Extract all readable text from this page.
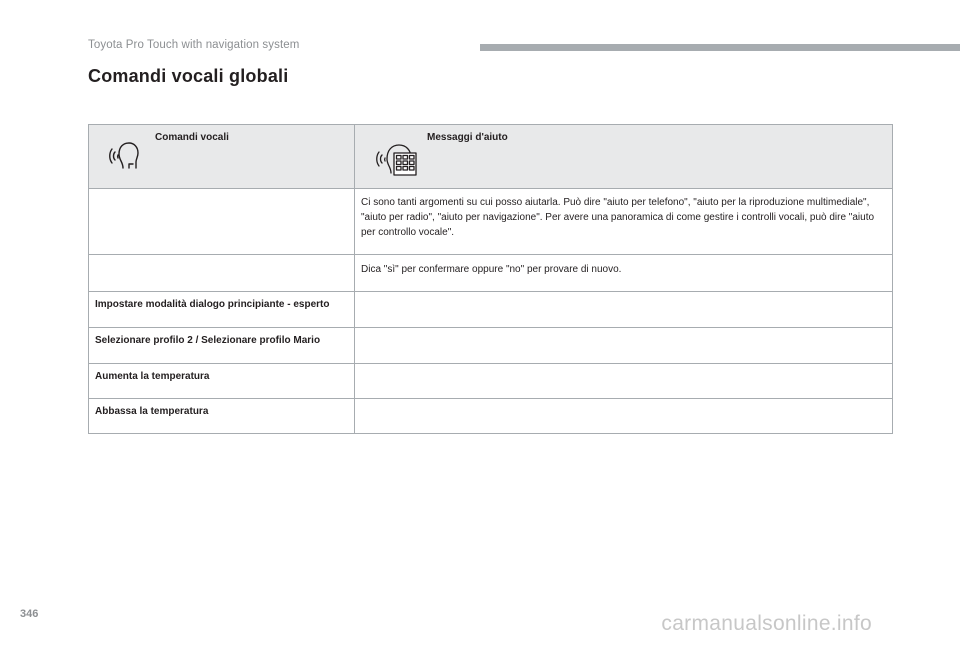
Toyota Pro Touch with navigation system
Comandi vocali globali
Comandi vocali	Messaggi d'aiuto

	Ci sono tanti argomenti su cui posso aiutarla. Può dire "aiuto per telefono", "aiuto per la riproduzione multimediale", "aiuto per radio", "aiuto per navigazione". Per avere una panoramica di come gestire i controlli vocali, può dire "aiuto per controllo vocale".
	Dica "sì" per confermare oppure "no" per provare di nuovo.
Impostare modalità dialogo principiante - esperto	
Selezionare profilo 2 / Selezionare profilo Mario	
Aumenta la temperatura	
Abbassa la temperatura	
346	carmanualsonline.info
